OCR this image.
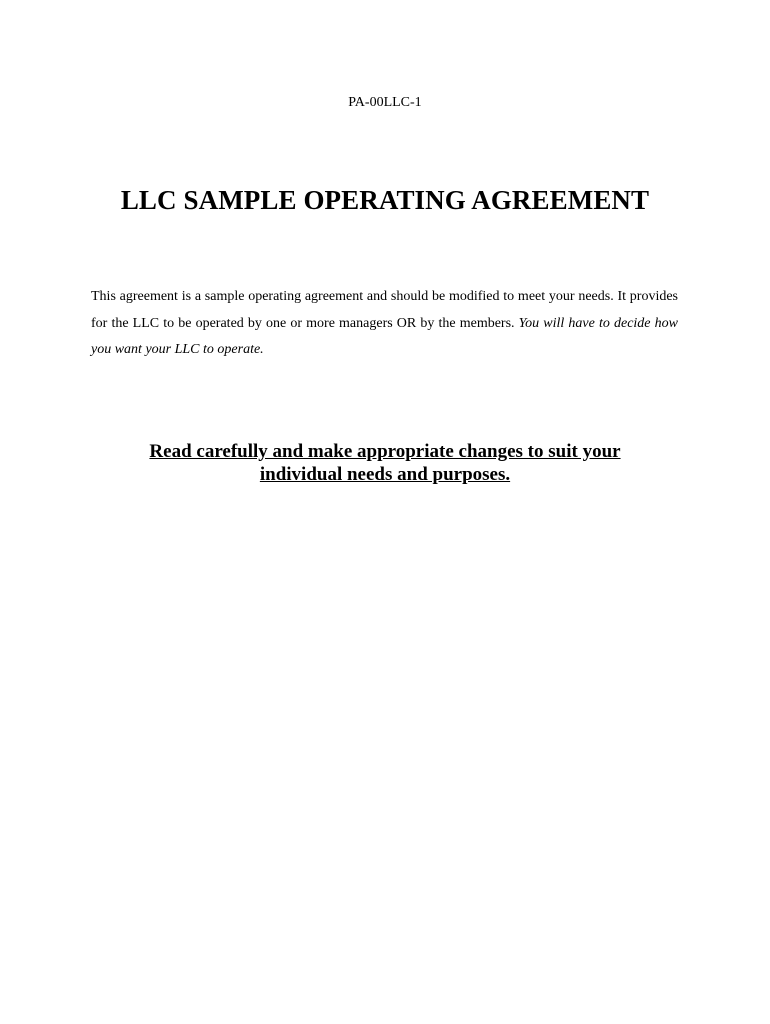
PA-00LLC-1
LLC SAMPLE OPERATING AGREEMENT

This agreement is a sample operating agreement and should be modified to meet your needs. It provides for the LLC to be operated by one or more managers OR by the members. You will have to decide how you want your LLC to operate.

Read carefully and make appropriate changes to suit your individual needs and purposes.
